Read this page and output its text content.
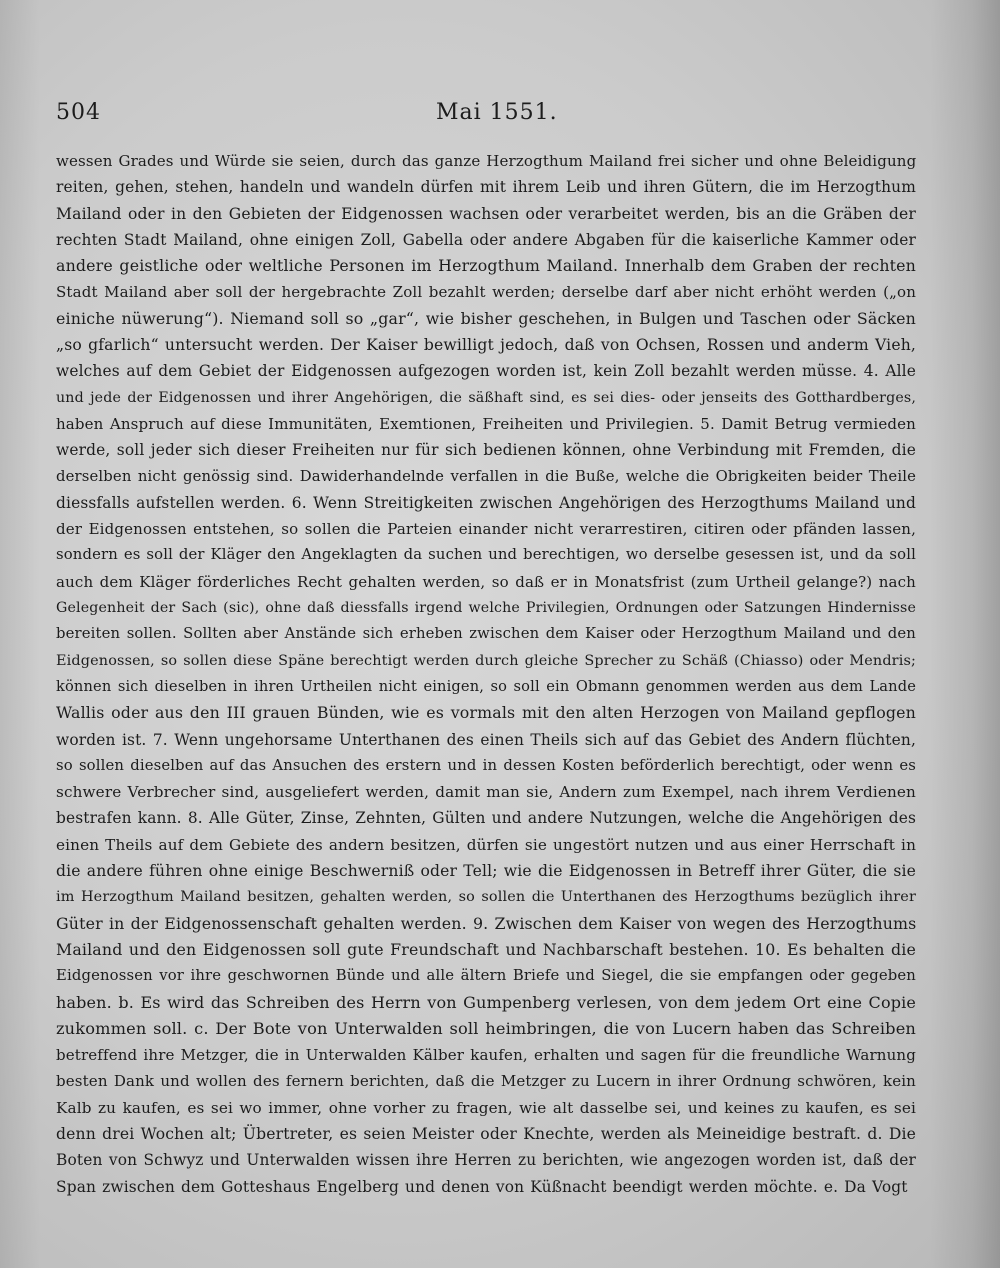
504	Mai 1551.
wessen Grades und Würde sie seien, durch das ganze Herzogthum Mailand frei sicher und ohne Beleidigung
reiten, gehen, stehen, handeln und wandeln dürfen mit ihrem Leib und ihren Gütern, die im Herzogthum
Mailand oder in den Gebieten der Eidgenossen wachsen oder verarbeitet werden, bis an die Gräben der
rechten Stadt Mailand, ohne einigen Zoll, Gabella oder andere Abgaben für die kaiserliche Kammer oder
andere geistliche oder weltliche Personen im Herzogthum Mailand. Innerhalb dem Graben der rechten
Stadt Mailand aber soll der hergebrachte Zoll bezahlt werden; derselbe darf aber nicht erhöht werden („on
einiche nüwerung“). Niemand soll so „gar“, wie bisher geschehen, in Bulgen und Taschen oder Säcken
„so gfarlich“ untersucht werden. Der Kaiser bewilligt jedoch, daß von Ochsen, Rossen und anderm Vieh,
welches auf dem Gebiet der Eidgenossen aufgezogen worden ist, kein Zoll bezahlt werden müsse. 4. Alle
und jede der Eidgenossen und ihrer Angehörigen, die säßhaft sind, es sei dies- oder jenseits des Gotthardberges,
haben Anspruch auf diese Immunitäten, Exemtionen, Freiheiten und Privilegien. 5. Damit Betrug vermieden
werde, soll jeder sich dieser Freiheiten nur für sich bedienen können, ohne Verbindung mit Fremden, die
derselben nicht genössig sind. Dawiderhandelnde verfallen in die Buße, welche die Obrigkeiten beider Theile
diessfalls aufstellen werden. 6. Wenn Streitigkeiten zwischen Angehörigen des Herzogthums Mailand und
der Eidgenossen entstehen, so sollen die Parteien einander nicht verarrestiren, citiren oder pfänden lassen,
sondern es soll der Kläger den Angeklagten da suchen und berechtigen, wo derselbe gesessen ist, und da soll
auch dem Kläger förderliches Recht gehalten werden, so daß er in Monatsfrist (zum Urtheil gelange?) nach
Gelegenheit der Sach (sic), ohne daß diessfalls irgend welche Privilegien, Ordnungen oder Satzungen Hindernisse
bereiten sollen. Sollten aber Anstände sich erheben zwischen dem Kaiser oder Herzogthum Mailand und den
Eidgenossen, so sollen diese Späne berechtigt werden durch gleiche Sprecher zu Schäß (Chiasso) oder Mendris;
können sich dieselben in ihren Urtheilen nicht einigen, so soll ein Obmann genommen werden aus dem Lande
Wallis oder aus den III grauen Bünden, wie es vormals mit den alten Herzogen von Mailand gepflogen
worden ist. 7. Wenn ungehorsame Unterthanen des einen Theils sich auf das Gebiet des Andern flüchten,
so sollen dieselben auf das Ansuchen des erstern und in dessen Kosten beförderlich berechtigt, oder wenn es
schwere Verbrecher sind, ausgeliefert werden, damit man sie, Andern zum Exempel, nach ihrem Verdienen
bestrafen kann. 8. Alle Güter, Zinse, Zehnten, Gülten und andere Nutzungen, welche die Angehörigen des
einen Theils auf dem Gebiete des andern besitzen, dürfen sie ungestört nutzen und aus einer Herrschaft in
die andere führen ohne einige Beschwerniß oder Tell; wie die Eidgenossen in Betreff ihrer Güter, die sie
im Herzogthum Mailand besitzen, gehalten werden, so sollen die Unterthanen des Herzogthums bezüglich ihrer
Güter in der Eidgenossenschaft gehalten werden. 9. Zwischen dem Kaiser von wegen des Herzogthums
Mailand und den Eidgenossen soll gute Freundschaft und Nachbarschaft bestehen. 10. Es behalten die
Eidgenossen vor ihre geschwornen Bünde und alle ältern Briefe und Siegel, die sie empfangen oder gegeben
haben. b. Es wird das Schreiben des Herrn von Gumpenberg verlesen, von dem jedem Ort eine Copie
zukommen soll. c. Der Bote von Unterwalden soll heimbringen, die von Lucern haben das Schreiben
betreffend ihre Metzger, die in Unterwalden Kälber kaufen, erhalten und sagen für die freundliche Warnung
besten Dank und wollen des fernern berichten, daß die Metzger zu Lucern in ihrer Ordnung schwören, kein
Kalb zu kaufen, es sei wo immer, ohne vorher zu fragen, wie alt dasselbe sei, und keines zu kaufen, es sei
denn drei Wochen alt; Übertreter, es seien Meister oder Knechte, werden als Meineidige bestraft. d. Die
Boten von Schwyz und Unterwalden wissen ihre Herren zu berichten, wie angezogen worden ist, daß der
Span zwischen dem Gotteshaus Engelberg und denen von Küßnacht beendigt werden möchte. e. Da Vogt
